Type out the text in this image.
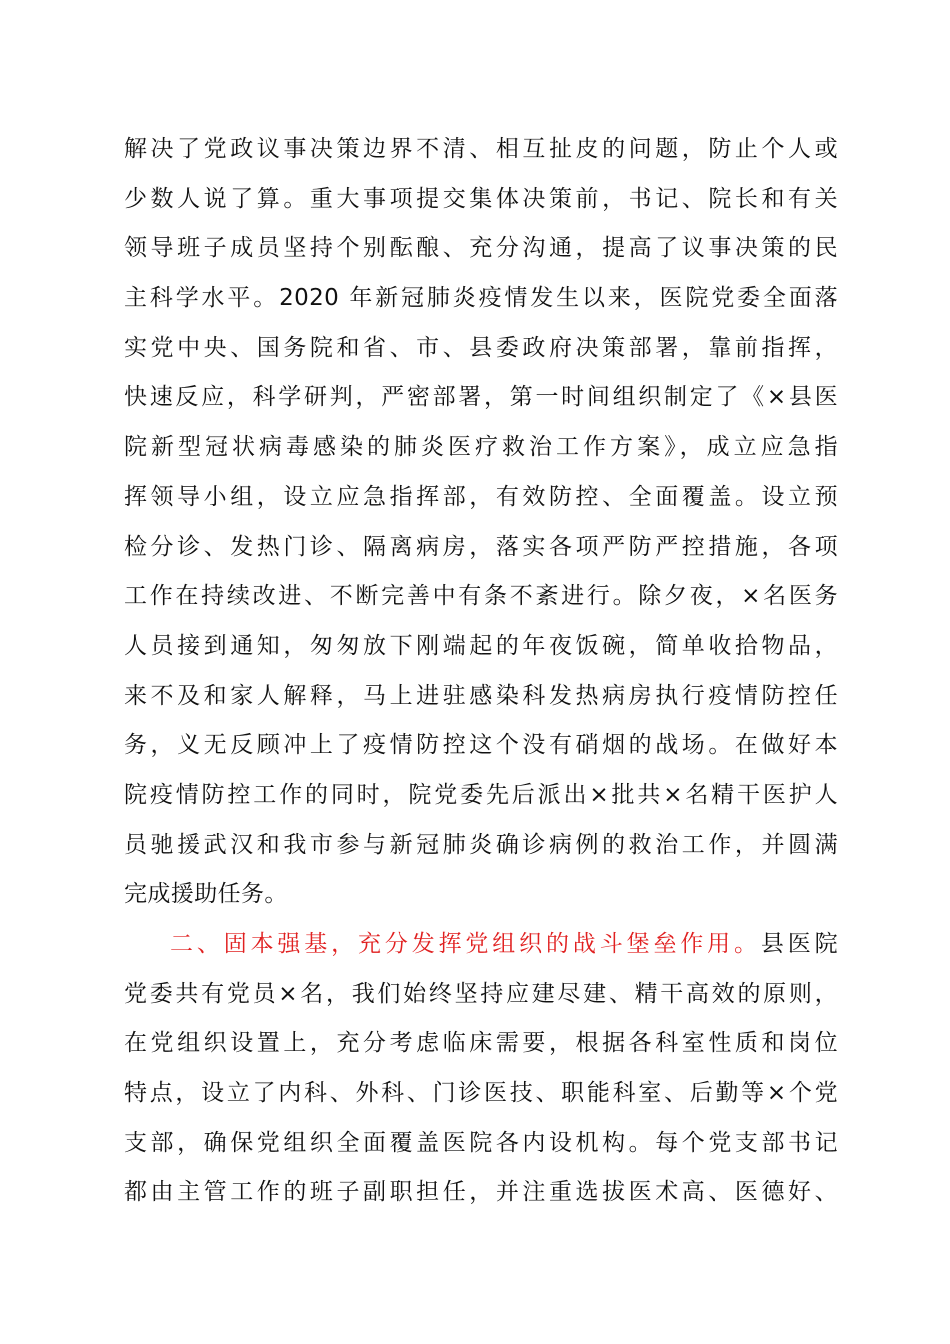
解决了党政议事决策边界不清、相互扯皮的问题，防止个人或
少数人说了算。重大事项提交集体决策前，书记、院长和有关
领导班子成员坚持个别酝酿、充分沟通，提高了议事决策的民
主科学水平。2020 年新冠肺炎疫情发生以来，医院党委全面落
实党中央、国务院和省、市、县委政府决策部署，靠前指挥，
快速反应，科学研判，严密部署，第一时间组织制定了《×县医
院新型冠状病毒感染的肺炎医疗救治工作方案》，成立应急指
挥领导小组，设立应急指挥部，有效防控、全面覆盖。设立预
检分诊、发热门诊、隔离病房，落实各项严防严控措施，各项
工作在持续改进、不断完善中有条不紊进行。除夕夜，×名医务
人员接到通知，匆匆放下刚端起的年夜饭碗，简单收拾物品，
来不及和家人解释，马上进驻感染科发热病房执行疫情防控任
务，义无反顾冲上了疫情防控这个没有硝烟的战场。在做好本
院疫情防控工作的同时，院党委先后派出×批共×名精干医护人
员驰援武汉和我市参与新冠肺炎确诊病例的救治工作，并圆满
完成援助任务。
二、固本强基，充分发挥党组织的战斗堡垒作用。县医院
党委共有党员×名，我们始终坚持应建尽建、精干高效的原则，
在党组织设置上，充分考虑临床需要，根据各科室性质和岗位
特点，设立了内科、外科、门诊医技、职能科室、后勤等×个党
支部，确保党组织全面覆盖医院各内设机构。每个党支部书记
都由主管工作的班子副职担任，并注重选拔医术高、医德好、
